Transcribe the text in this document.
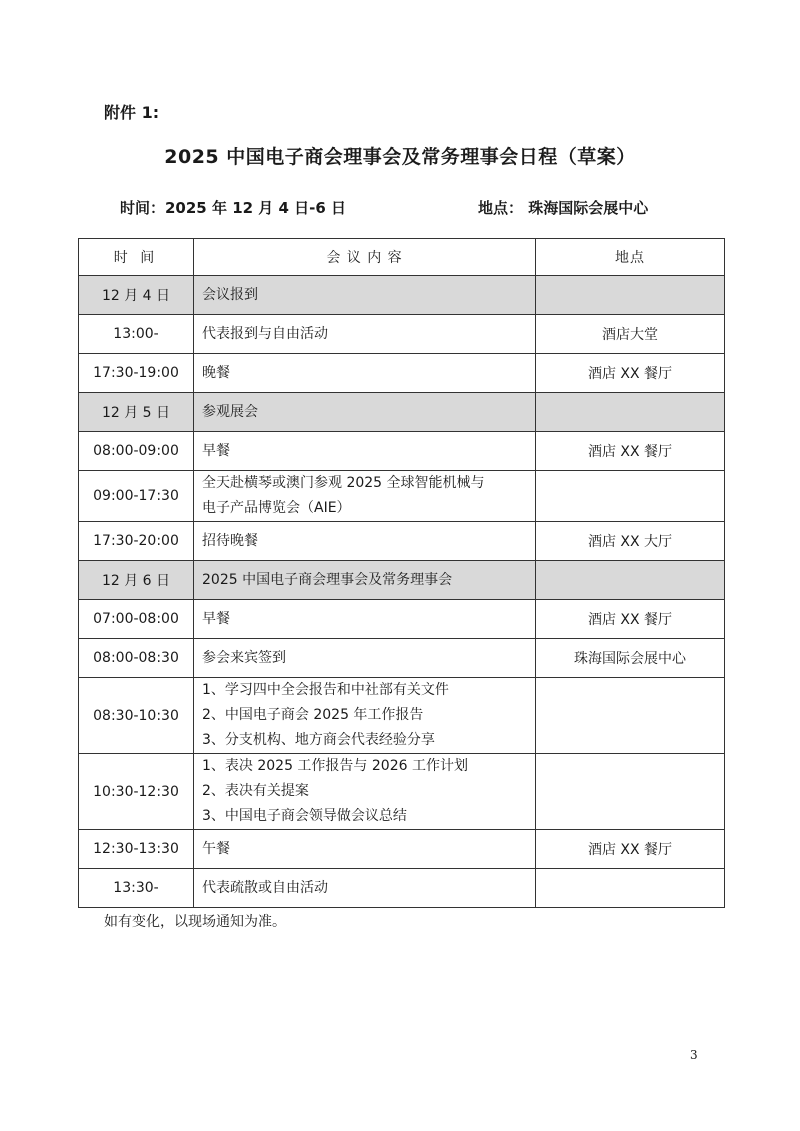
附件 1:
2025 中国电子商会理事会及常务理事会日程（草案）
时间：2025 年 12 月 4 日-6 日	地点： 珠海国际会展中心
时 间	会 议 内 容	地点
12 月 4 日	会议报到	

13:00-	代表报到与自由活动	酒店大堂
17:30-19:00	晚餐	酒店 XX 餐厅
12 月 5 日	参观展会	

08:00-09:00	早餐	酒店 XX 餐厅
09:00-17:30	全天赴横琴或澳门参观 2025 全球智能机械与
电子产品博览会（AIE）	

17:30-20:00	招待晚餐	酒店 XX 大厅
12 月 6 日	2025 中国电子商会理事会及常务理事会	

07:00-08:00	早餐	酒店 XX 餐厅
08:00-08:30	参会来宾签到	珠海国际会展中心
08:30-10:30	1、学习四中全会报告和中社部有关文件
2、中国电子商会 2025 年工作报告
3、分支机构、地方商会代表经验分享	

10:30-12:30	1、表决 2025 工作报告与 2026 工作计划
2、表决有关提案
3、中国电子商会领导做会议总结	

12:30-13:30	午餐	酒店 XX 餐厅
13:30-	代表疏散或自由活动	

如有变化，以现场通知为准。
3
